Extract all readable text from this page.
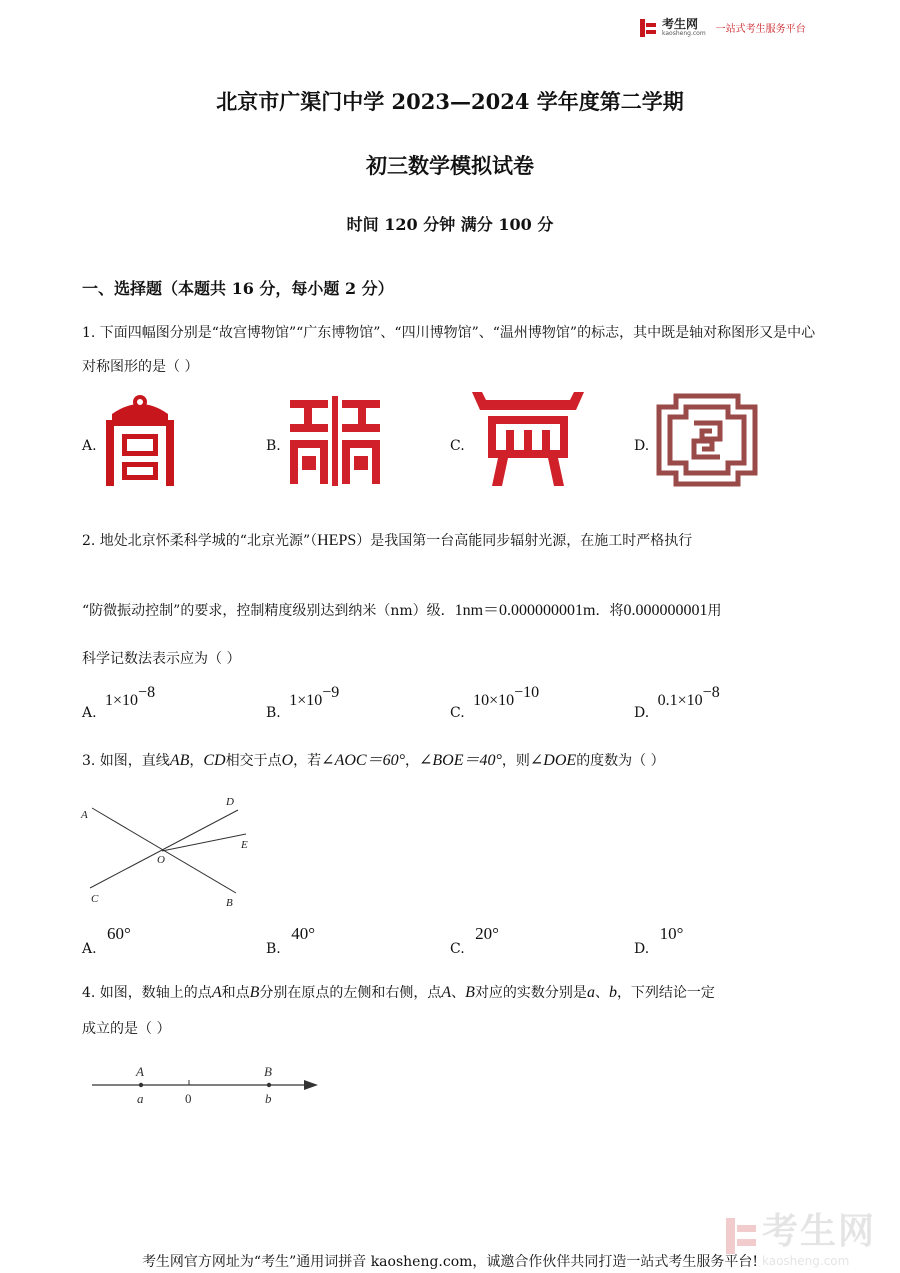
考生网
kaosheng.com 一站式考生服务平台
北京市广渠门中学 2023—2024 学年度第二学期
初三数学模拟试卷
时间 120 分钟 满分 100 分
一、选择题（本题共 16 分，每小题 2 分）
1. 下面四幅图分别是“故宫博物馆”“广东博物馆”、“四川博物馆”、“温州博物馆”的标志，其中既是轴对称图形又是中心对称图形的是（ ）
A.	B.	C.	D.
2. 地处北京怀柔科学城的“北京光源”（HEPS）是我国第一台高能同步辐射光源，在施工时严格执行
“防微振动控制”的要求，控制精度级别达到纳米（nm）级．1nm＝0.000000001m．将0.000000001用
科学记数法表示应为（ ）
A. $1\times 10^{-8}$
B. $1\times 10^{-9}$
C. $10\times 10^{-10}$
D. $0.1\times 10^{-8}$
3. 如图，直线AB，CD相交于点O，若∠AOC＝60°，∠BOE＝40°，则∠DOE的度数为（ ）
A
B
C
D
E
O
A. 60°
B. 40°
C. 20°
D. 10°
4. 如图，数轴上的点A和点B分别在原点的左侧和右侧，点A、B对应的实数分别是a、b，下列结论一定
成立的是（ ）
A
a
B
b
0
考生网
kaosheng.com
考生网官方网址为“考生”通用词拼音 kaosheng.com，诚邀合作伙伴共同打造一站式考生服务平台!
